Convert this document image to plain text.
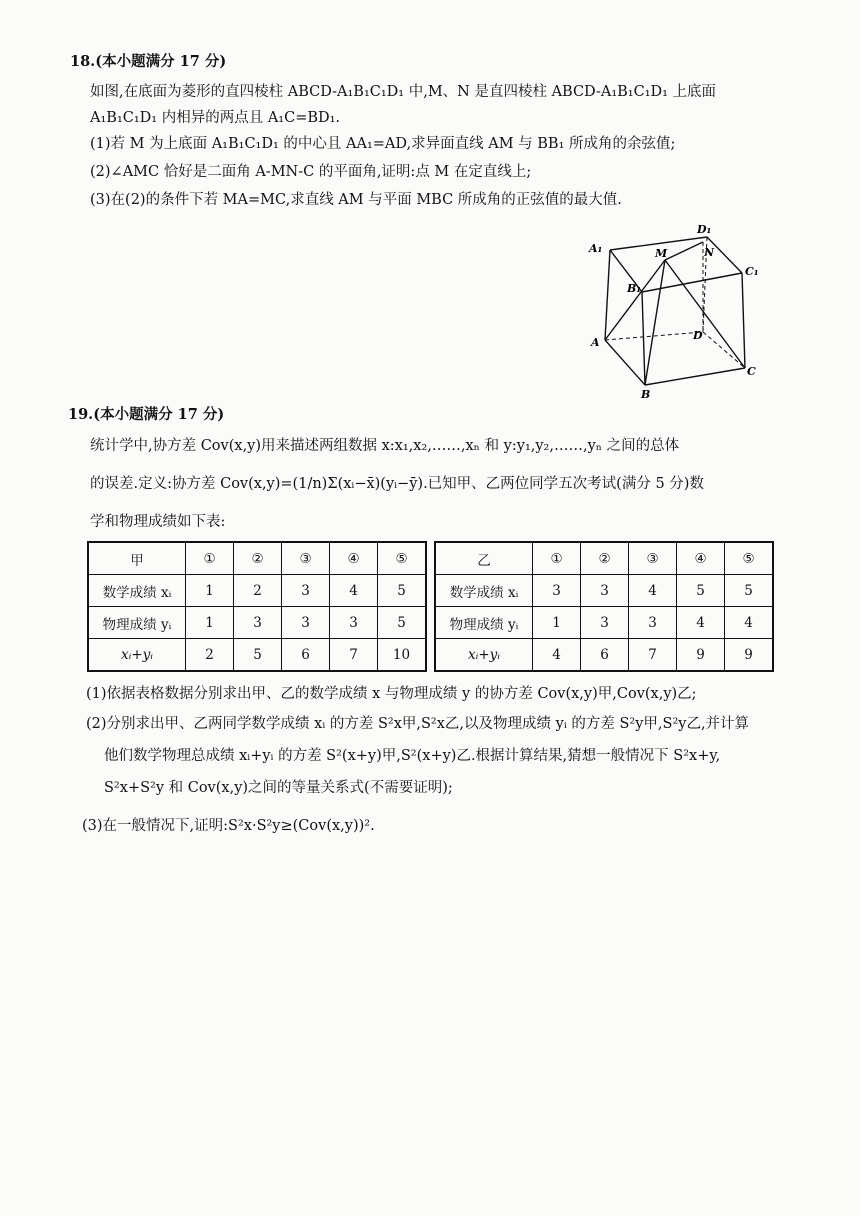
18.(本小题满分 17 分)
如图,在底面为菱形的直四棱柱 ABCD-A₁B₁C₁D₁ 中,M、N 是直四棱柱 ABCD-A₁B₁C₁D₁ 上底面
A₁B₁C₁D₁ 内相异的两点且 A₁C=BD₁.
(1)若 M 为上底面 A₁B₁C₁D₁ 的中心且 AA₁=AD,求异面直线 AM 与 BB₁ 所成角的余弦值;
(2)∠AMC 恰好是二面角 A-MN-C 的平面角,证明:点 M 在定直线上;
(3)在(2)的条件下若 MA=MC,求直线 AM 与平面 MBC 所成角的正弦值的最大值.
A₁
D₁
M	N
C₁
B₁
A
D
B
C
19.(本小题满分 17 分)
统计学中,协方差 Cov(x,y)用来描述两组数据 x:x₁,x₂,……,xₙ 和 y:y₁,y₂,……,yₙ 之间的总体
的误差.定义:协方差 Cov(x,y)=(1/n)Σ(xᵢ−x̄)(yᵢ−ȳ).已知甲、乙两位同学五次考试(满分 5 分)数
学和物理成绩如下表:
甲	①	②	③	④	⑤
数学成绩 xᵢ	1	2	3	4	5
物理成绩 yᵢ	1	3	3	3	5
xᵢ+yᵢ	2	5	6	7	10
乙	①	②	③	④	⑤
数学成绩 xᵢ	3	3	4	5	5
物理成绩 yᵢ	1	3	3	4	4
xᵢ+yᵢ	4	6	7	9	9
(1)依据表格数据分别求出甲、乙的数学成绩 x 与物理成绩 y 的协方差 Cov(x,y)甲,Cov(x,y)乙;
(2)分别求出甲、乙两同学数学成绩 xᵢ 的方差 S²x甲,S²x乙,以及物理成绩 yᵢ 的方差 S²y甲,S²y乙,并计算
他们数学物理总成绩 xᵢ+yᵢ 的方差 S²(x+y)甲,S²(x+y)乙.根据计算结果,猜想一般情况下 S²x+y,
S²x+S²y 和 Cov(x,y)之间的等量关系式(不需要证明);
(3)在一般情况下,证明:S²x·S²y≥(Cov(x,y))².
